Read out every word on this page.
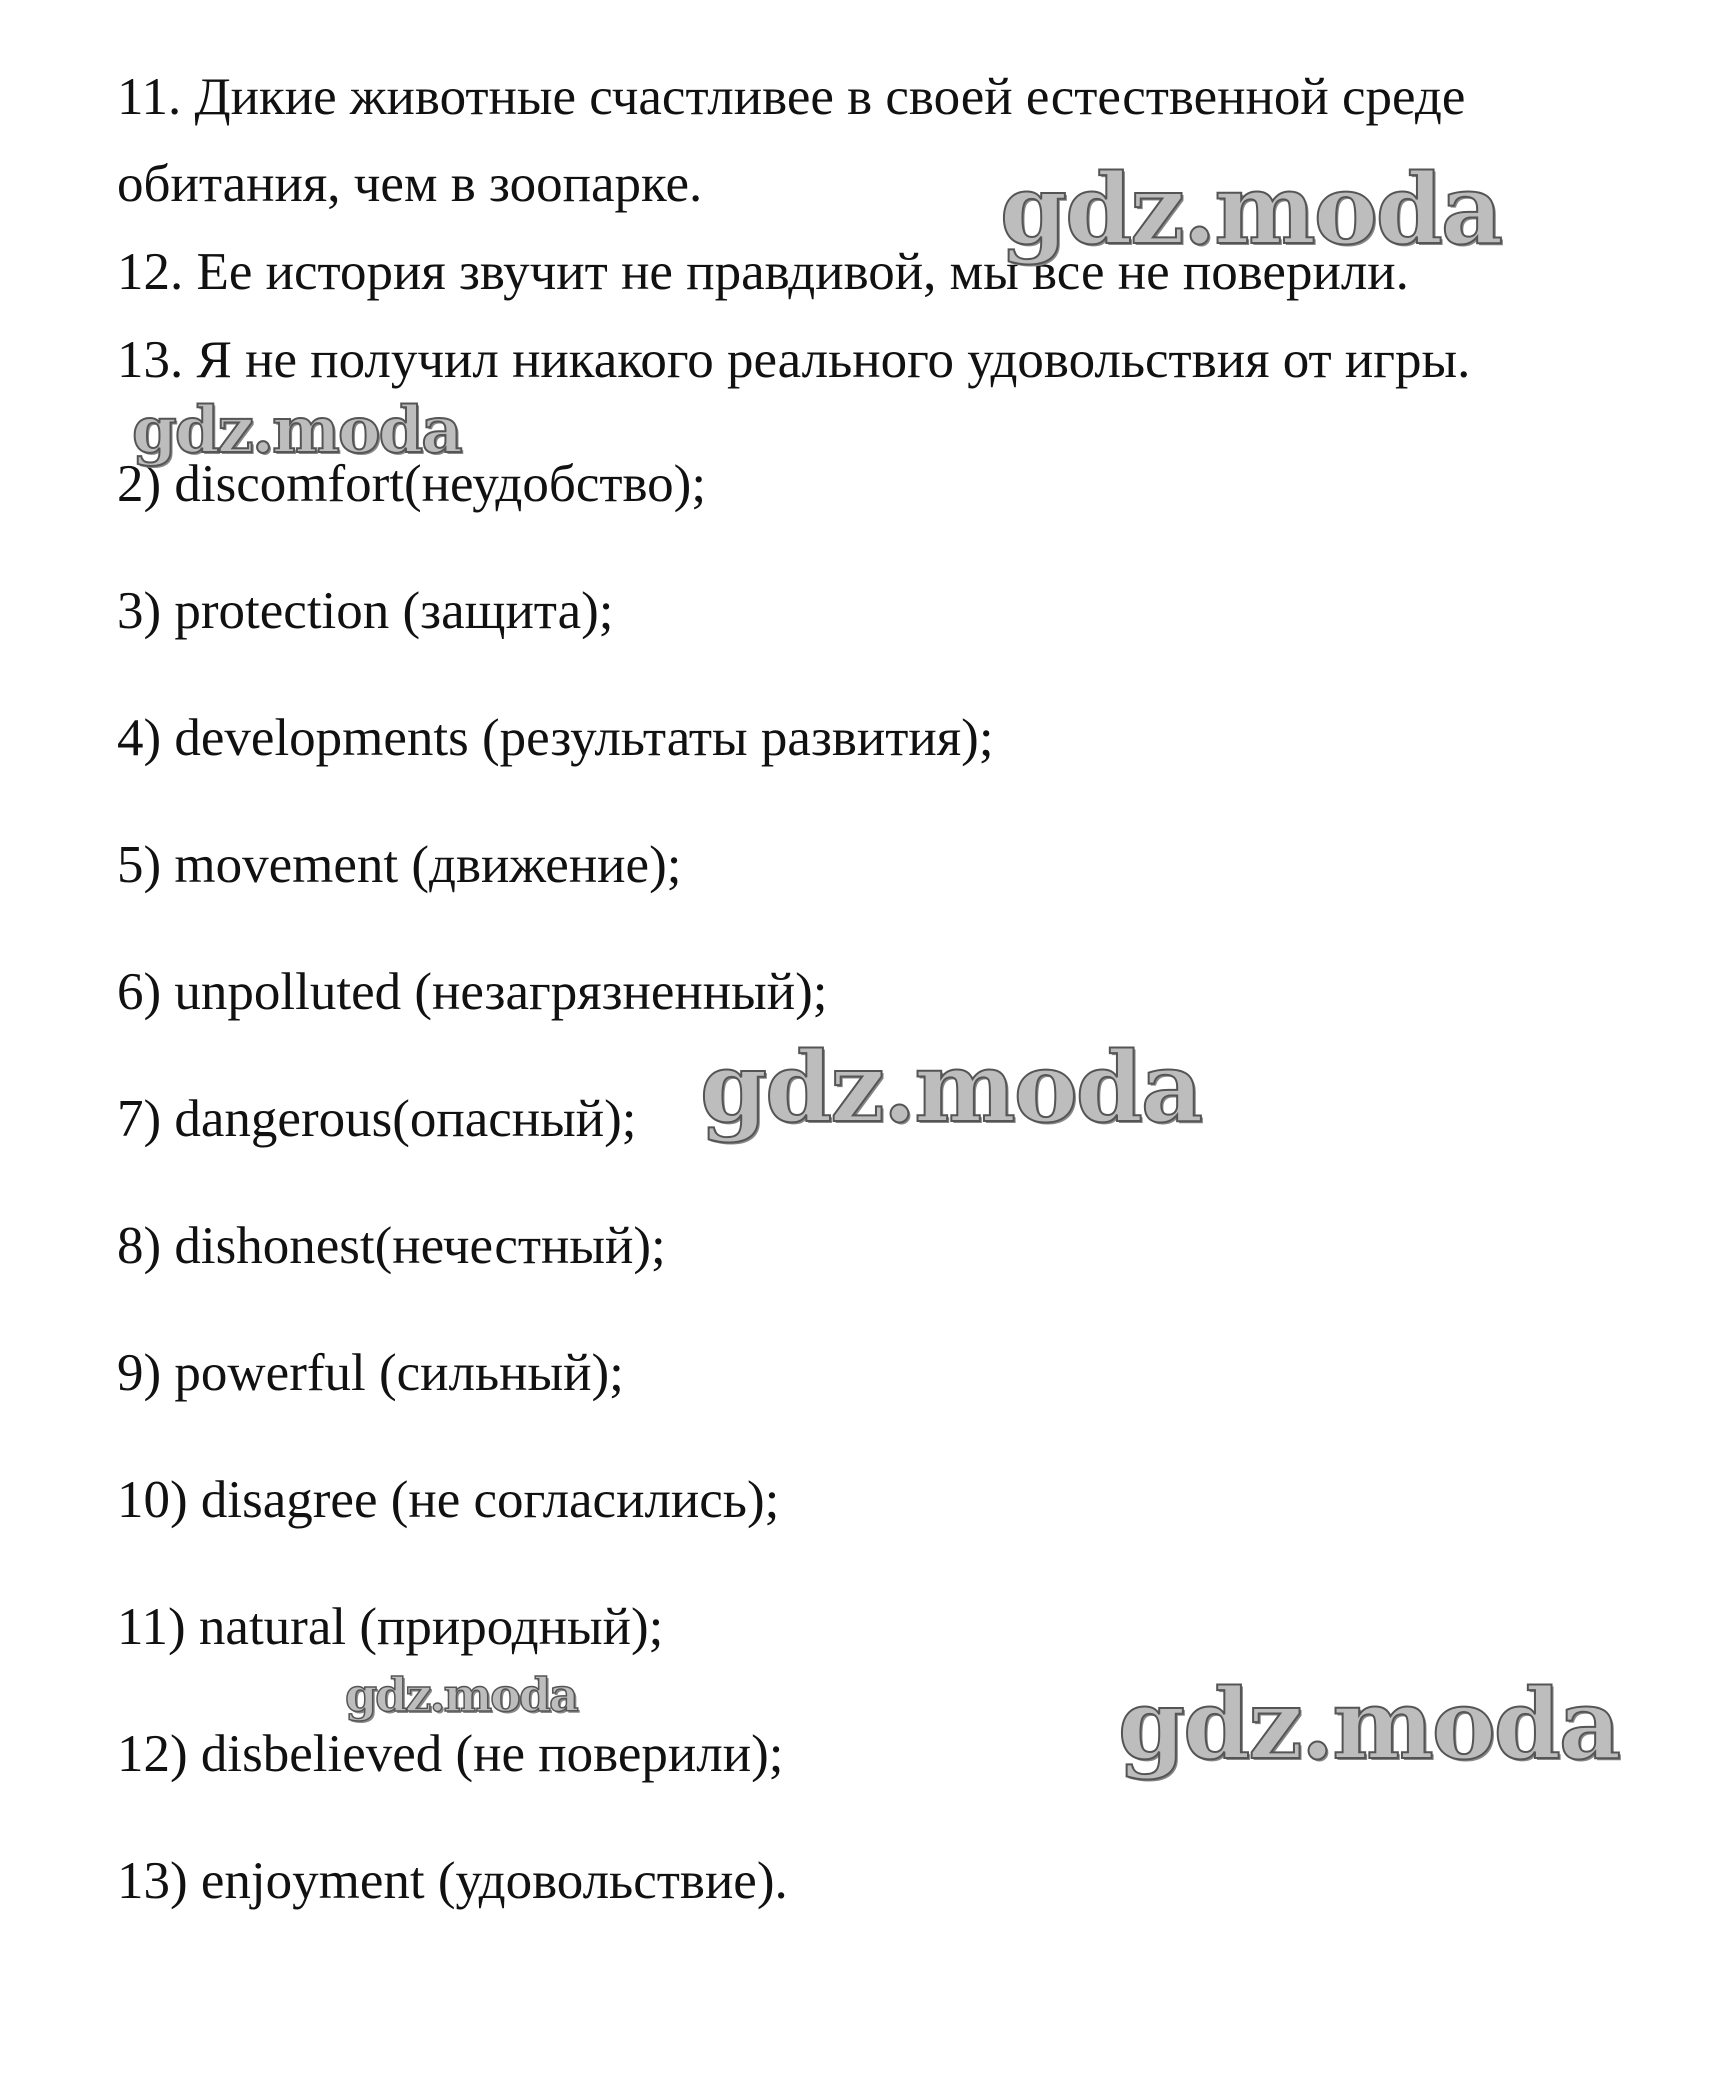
11. Дикие животные счастливее в своей естественной среде
обитания, чем в зоопарке.
12. Ее история звучит не правдивой, мы все не поверили.
13. Я не получил никакого реального удовольствия от игры.
2) discomfort(неудобство);
3) protection (защита);
4) developments (результаты развития);
5) movement (движение);
6) unpolluted (незагрязненный);
7) dangerous(опасный);
8) dishonest(нечестный);
9) powerful (сильный);
10) disagree (не согласились);
11) natural (природный);
12) disbelieved (не поверили);
13) enjoyment (удовольствие).
gdz.moda
gdz.moda
gdz.moda
gdz.moda	gdz.moda
